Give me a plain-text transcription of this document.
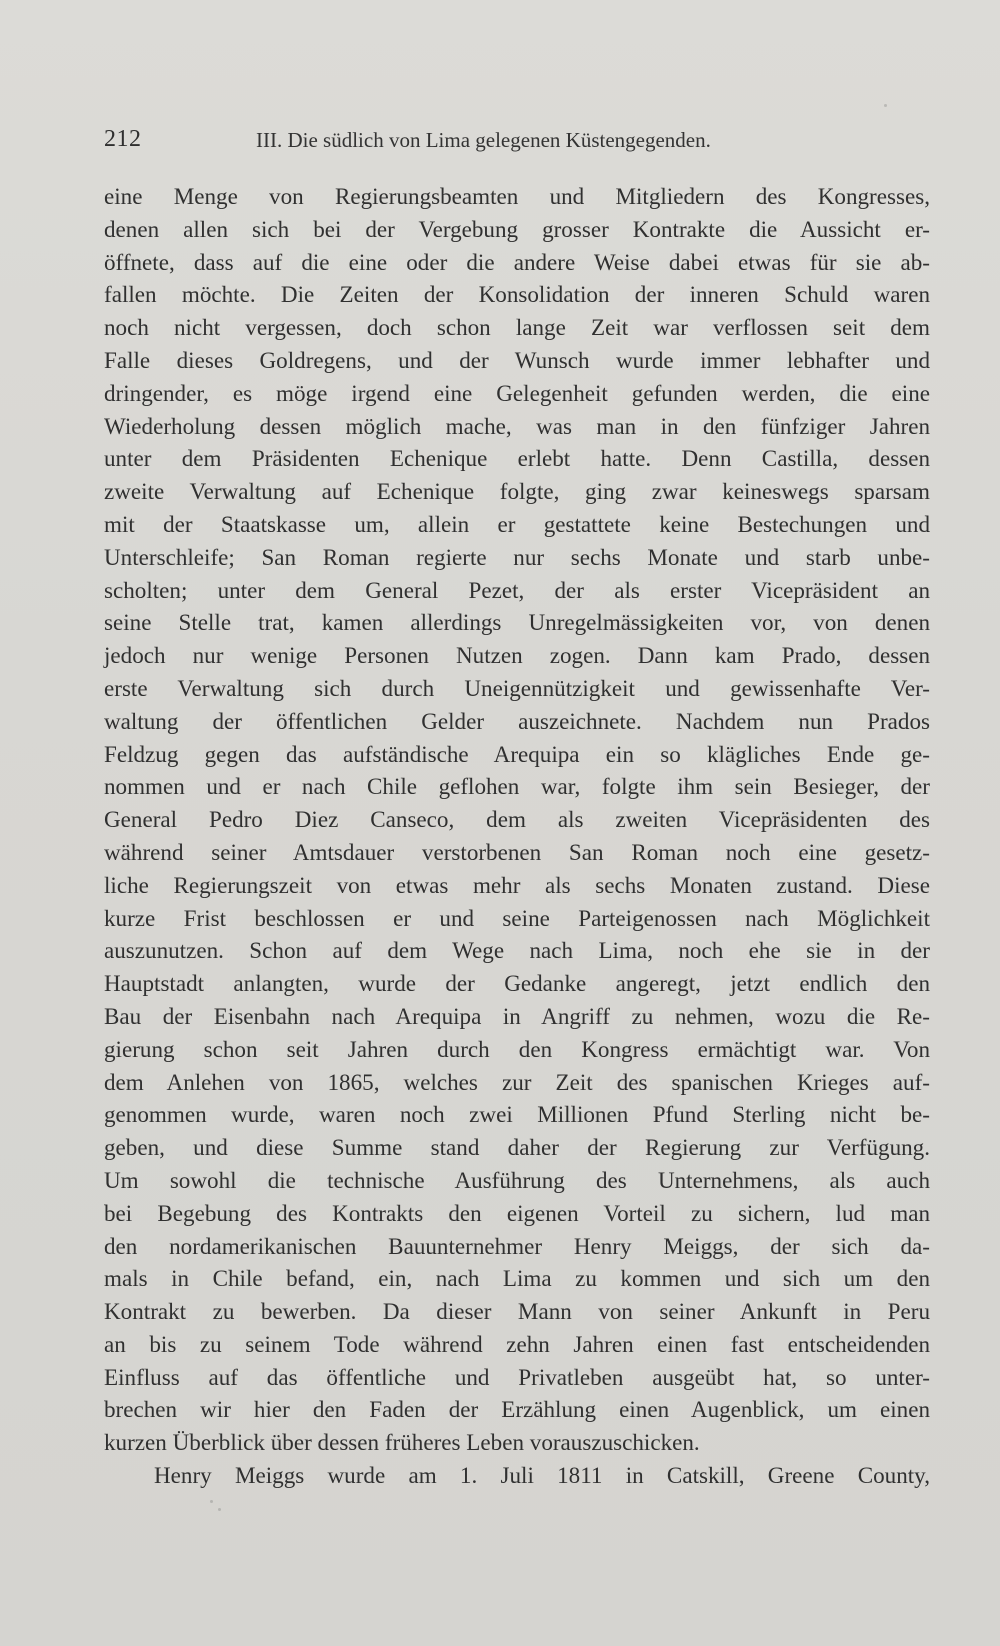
212	III. Die südlich von Lima gelegenen Küstengegenden.
eine Menge von Regierungsbeamten und Mitgliedern des Kongresses,
denen allen sich bei der Vergebung grosser Kontrakte die Aussicht er-
öffnete, dass auf die eine oder die andere Weise dabei etwas für sie ab-
fallen möchte. Die Zeiten der Konsolidation der inneren Schuld waren
noch nicht vergessen, doch schon lange Zeit war verflossen seit dem
Falle dieses Goldregens, und der Wunsch wurde immer lebhafter und
dringender, es möge irgend eine Gelegenheit gefunden werden, die eine
Wiederholung dessen möglich mache, was man in den fünfziger Jahren
unter dem Präsidenten Echenique erlebt hatte. Denn Castilla, dessen
zweite Verwaltung auf Echenique folgte, ging zwar keineswegs sparsam
mit der Staatskasse um, allein er gestattete keine Bestechungen und
Unterschleife; San Roman regierte nur sechs Monate und starb unbe-
scholten; unter dem General Pezet, der als erster Vicepräsident an
seine Stelle trat, kamen allerdings Unregelmässigkeiten vor, von denen
jedoch nur wenige Personen Nutzen zogen. Dann kam Prado, dessen
erste Verwaltung sich durch Uneigennützigkeit und gewissenhafte Ver-
waltung der öffentlichen Gelder auszeichnete. Nachdem nun Prados
Feldzug gegen das aufständische Arequipa ein so klägliches Ende ge-
nommen und er nach Chile geflohen war, folgte ihm sein Besieger, der
General Pedro Diez Canseco, dem als zweiten Vicepräsidenten des
während seiner Amtsdauer verstorbenen San Roman noch eine gesetz-
liche Regierungszeit von etwas mehr als sechs Monaten zustand. Diese
kurze Frist beschlossen er und seine Parteigenossen nach Möglichkeit
auszunutzen. Schon auf dem Wege nach Lima, noch ehe sie in der
Hauptstadt anlangten, wurde der Gedanke angeregt, jetzt endlich den
Bau der Eisenbahn nach Arequipa in Angriff zu nehmen, wozu die Re-
gierung schon seit Jahren durch den Kongress ermächtigt war. Von
dem Anlehen von 1865, welches zur Zeit des spanischen Krieges auf-
genommen wurde, waren noch zwei Millionen Pfund Sterling nicht be-
geben, und diese Summe stand daher der Regierung zur Verfügung.
Um sowohl die technische Ausführung des Unternehmens, als auch
bei Begebung des Kontrakts den eigenen Vorteil zu sichern, lud man
den nordamerikanischen Bauunternehmer Henry Meiggs, der sich da-
mals in Chile befand, ein, nach Lima zu kommen und sich um den
Kontrakt zu bewerben. Da dieser Mann von seiner Ankunft in Peru
an bis zu seinem Tode während zehn Jahren einen fast entscheidenden
Einfluss auf das öffentliche und Privatleben ausgeübt hat, so unter-
brechen wir hier den Faden der Erzählung einen Augenblick, um einen
kurzen Überblick über dessen früheres Leben vorauszuschicken.
Henry Meiggs wurde am 1. Juli 1811 in Catskill, Greene County,
